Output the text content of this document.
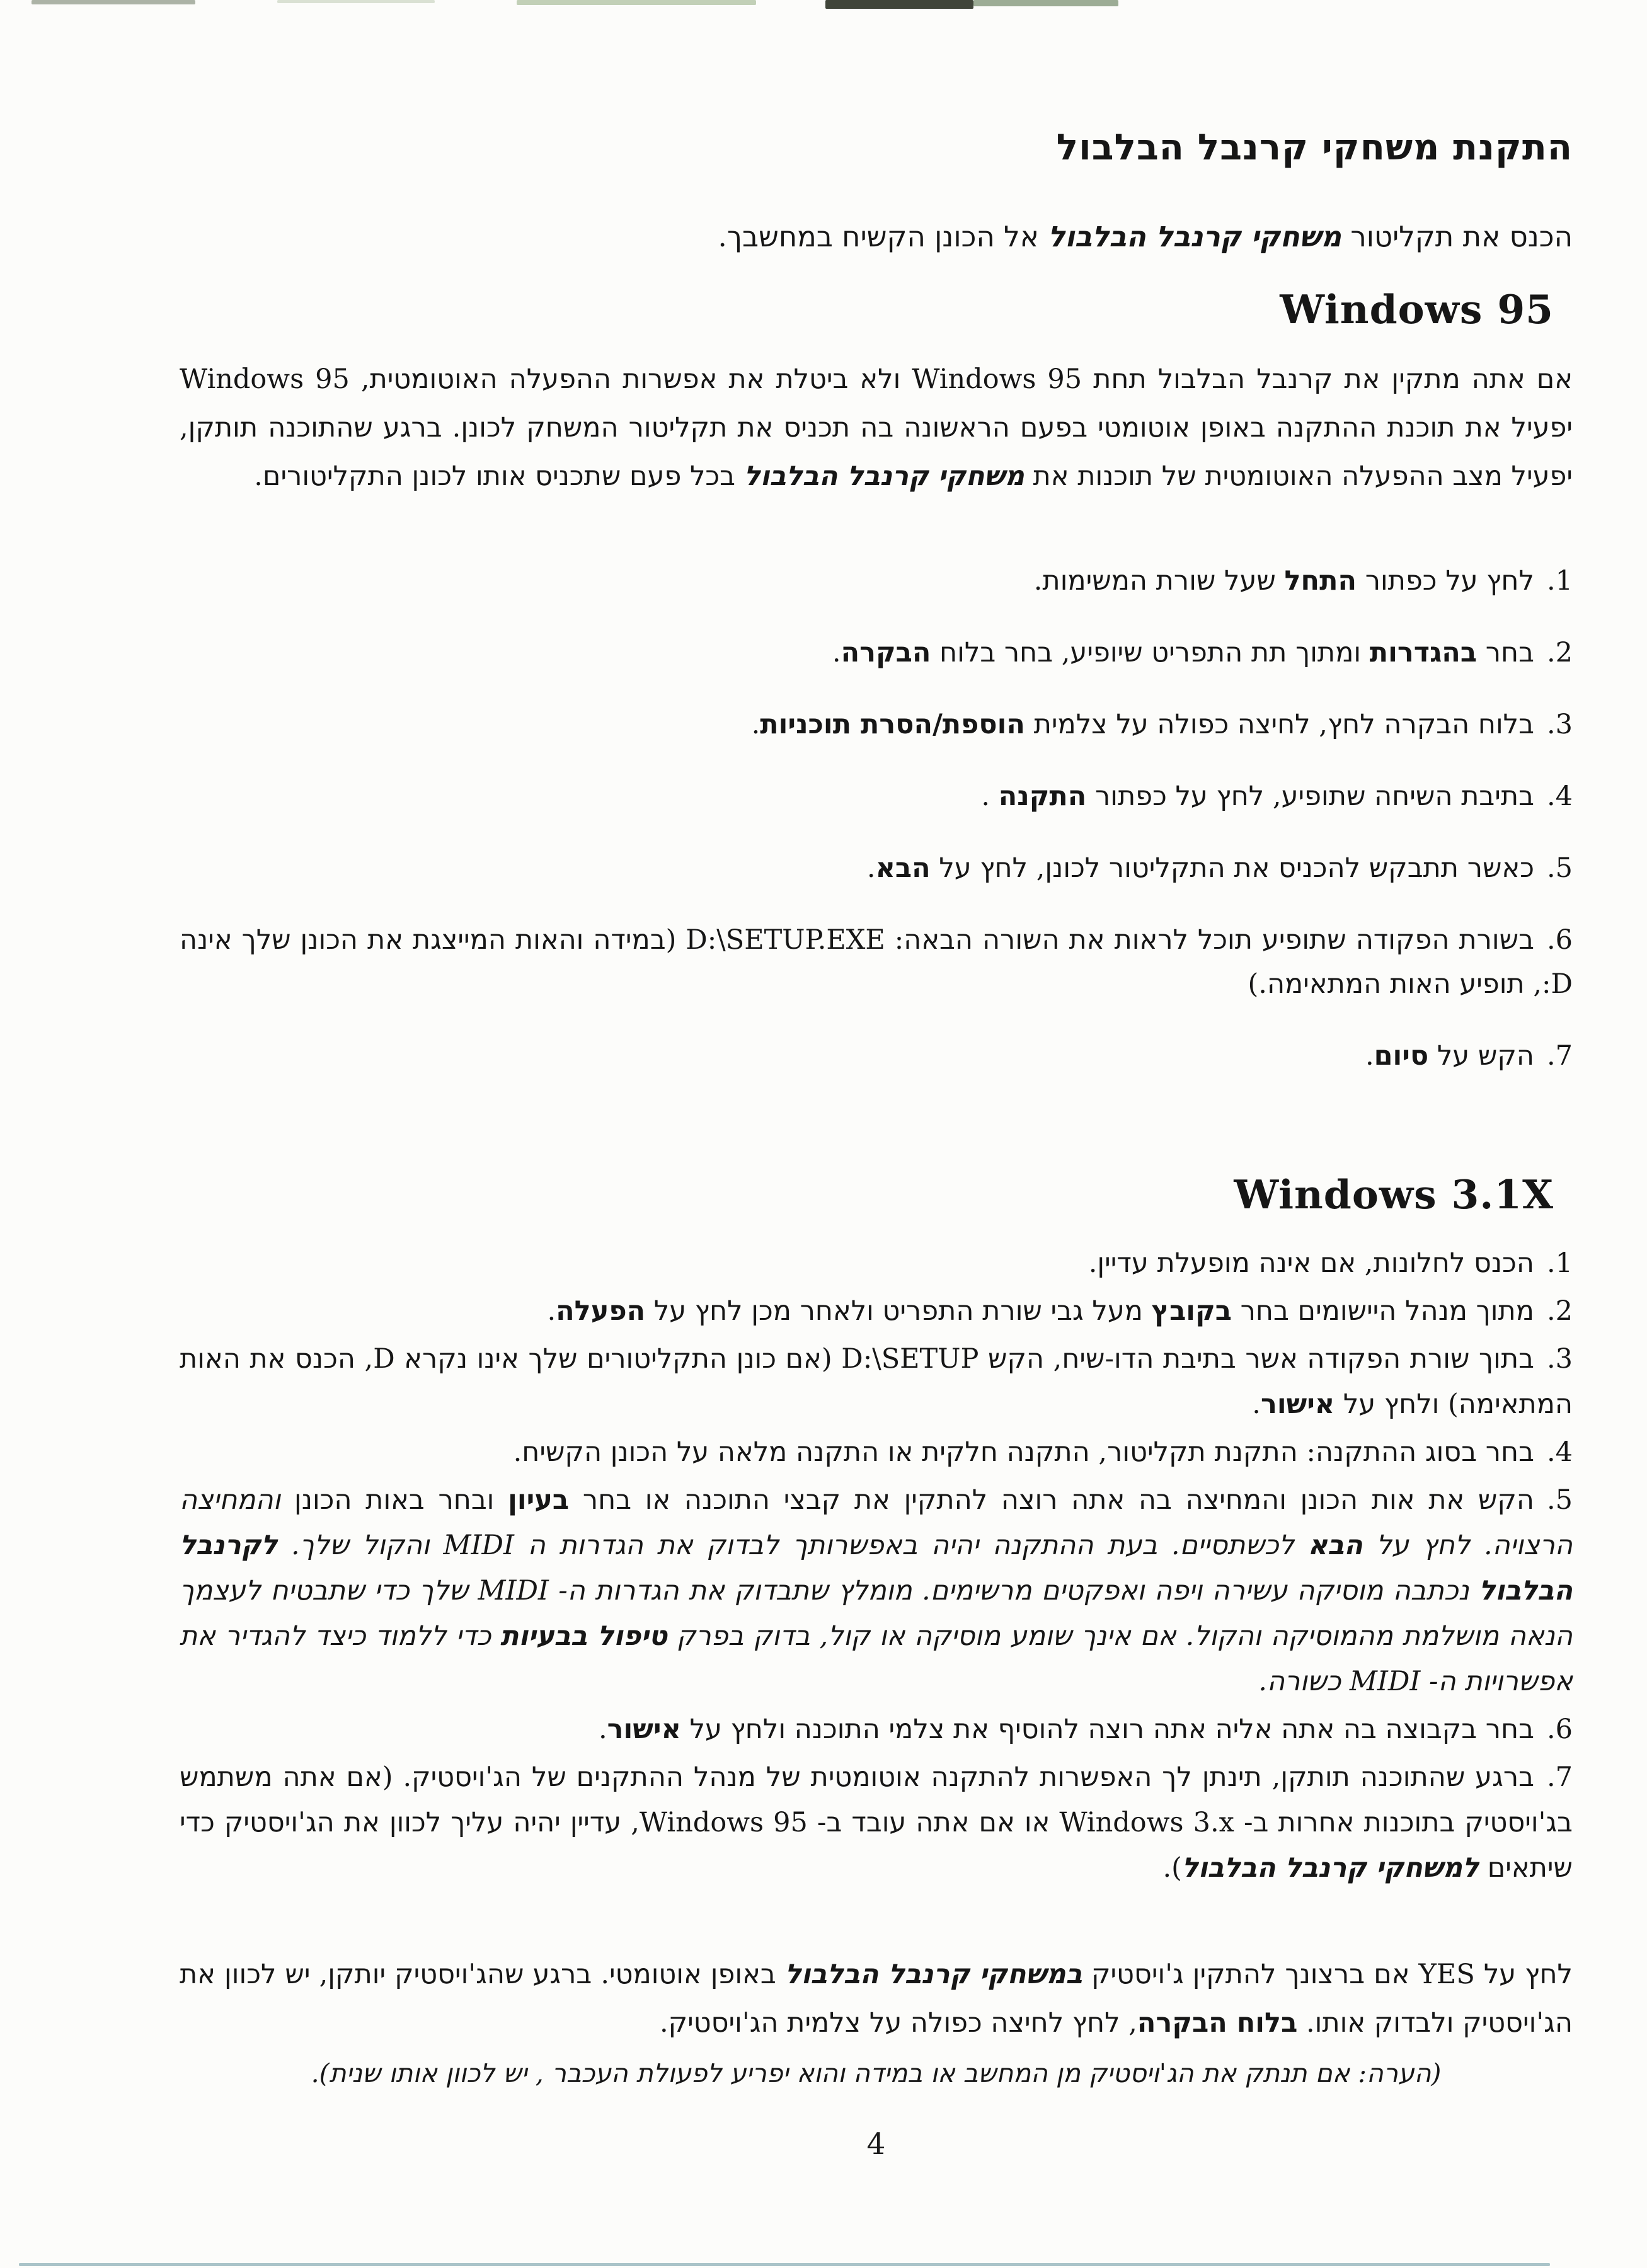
התקנת משחקי קרנבל הבלבול

הכנס את תקליטור משחקי קרנבל הבלבול אל הכונן הקשיח במחשבך.

Windows 95

אם אתה מתקין את קרנבל הבלבול תחת Windows 95 ולא ביטלת את אפשרות ההפעלה האוטומטית, Windows 95 יפעיל את תוכנת ההתקנה באופן אוטומטי בפעם הראשונה בה תכניס את תקליטור המשחק לכונן. ברגע שהתוכנה תותקן, יפעיל מצב ההפעלה האוטומטית של תוכנות את משחקי קרנבל הבלבול בכל פעם שתכניס אותו לכונן התקליטורים.

1.לחץ על כפתור התחל שעל שורת המשימות.
2.בחר בהגדרות ומתוך תת התפריט שיופיע, בחר בלוח הבקרה.
3.בלוח הבקרה לחץ, לחיצה כפולה על צלמית הוספת/הסרת תוכניות.
4.בתיבת השיחה שתופיע, לחץ על כפתור התקנה .
5.כאשר תתבקש להכניס את התקליטור לכונן, לחץ על הבא.
6.בשורת הפקודה שתופיע תוכל לראות את השורה הבאה: D:\SETUP.EXE (במידה והאות המייצגת את הכונן שלך אינה D:, תופיע האות המתאימה.)
7.הקש על סיום.
Windows 3.1X
1.הכנס לחלונות, אם אינה מופעלת עדיין.
2.מתוך מנהל היישומים בחר בקובץ מעל גבי שורת התפריט ולאחר מכן לחץ על הפעלה.
3.בתוך שורת הפקודה אשר בתיבת הדו-שיח, הקש D:\SETUP (אם כונן התקליטורים שלך אינו נקרא D, הכנס את האות המתאימה) ולחץ על אישור.
4.בחר בסוג ההתקנה: התקנת תקליטור, התקנה חלקית או התקנה מלאה על הכונן הקשיח.
5.הקש את אות הכונן והמחיצה בה אתה רוצה להתקין את קבצי התוכנה או בחר בעיון ובחר באות הכונן והמחיצה הרצויה. לחץ על הבא לכשתסיים. בעת ההתקנה יהיה באפשרותך לבדוק את הגדרות ה MIDI והקול שלך. לקרנבל הבלבול נכתבה מוסיקה עשירה ויפה ואפקטים מרשימים. מומלץ שתבדוק את הגדרות ה- MIDI שלך כדי שתבטיח לעצמך הנאה מושלמת מהמוסיקה והקול. אם אינך שומע מוסיקה או קול, בדוק בפרק טיפול בבעיות כדי ללמוד כיצד להגדיר את אפשרויות ה- MIDI כשורה.
6.בחר בקבוצה בה אתה אליה אתה רוצה להוסיף את צלמי התוכנה ולחץ על אישור.
7.ברגע שהתוכנה תותקן, תינתן לך האפשרות להתקנה אוטומטית של מנהל ההתקנים של הג'ויסטיק. (אם אתה משתמש בג'ויסטיק בתוכנות אחרות ב- Windows 3.x או אם אתה עובד ב- Windows 95, עדיין יהיה עליך לכוון את הג'ויסטיק כדי שיתאים למשחקי קרנבל הבלבול).

לחץ על YES אם ברצונך להתקין ג'ויסטיק במשחקי קרנבל הבלבול באופן אוטומטי. ברגע שהג'ויסטיק יותקן, יש לכוון את הג'ויסטיק ולבדוק אותו. בלוח הבקרה, לחץ לחיצה כפולה על צלמית הג'ויסטיק.

(הערה: אם תנתק את הג'ויסטיק מן המחשב או במידה והוא יפריע לפעולת העכבר , יש לכוון אותו שנית).

4
